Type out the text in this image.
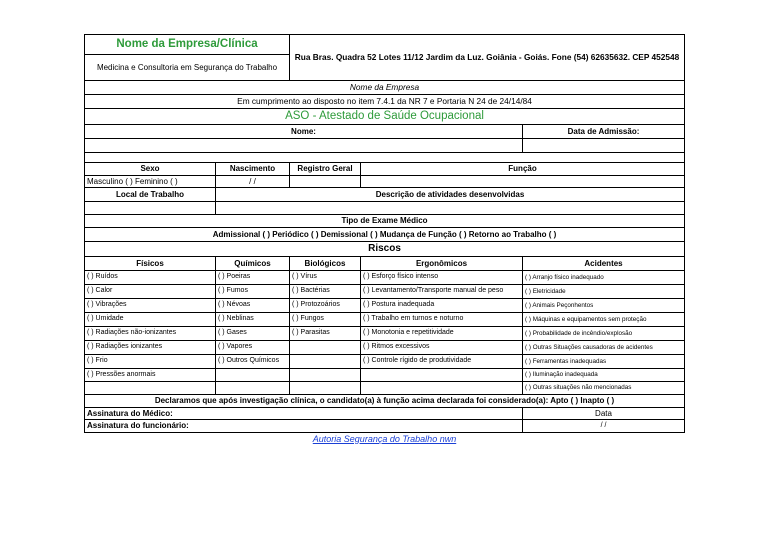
Nome da Empresa/Clínica		Rua Bras. Quadra 52 Lotes 11/12 Jardim da Luz. Goiânia - Goiás. Fone (54) 62635632. CEP 452548		
Medicina e Consultoria em Segurança do Trabalho				
Nome da Empresa				
Em cumprimento ao disposto no item 7.4.1 da NR 7 e Portaria N 24 de 24/14/84				
ASO - Atestado de Saúde Ocupacional				
Nome:				Data de Admissão:

Sexo	Nascimento	Registro Geral	Função	
Masculino ( ) Feminino ( )	/ /			
Local de Trabalho	Descrição de atividades desenvolvidas			

Tipo de Exame Médico				
Admissional ( ) Periódico ( ) Demissional ( ) Mudança de Função ( ) Retorno ao Trabalho ( )				
Riscos				
Físicos	Químicos	Biológicos	Ergonômicos	Acidentes
( ) Ruídos	( ) Poeiras	( ) Vírus	( ) Esforço físico intenso	( ) Arranjo físico inadequado
( ) Calor	( ) Fumos	( ) Bactérias	( ) Levantamento/Transporte manual de peso	( ) Eletricidade
( ) Vibrações	( ) Névoas	( ) Protozoários	( ) Postura inadequada	( ) Animais Peçonhentos
( ) Umidade	( ) Neblinas	( ) Fungos	( ) Trabalho em turnos e noturno	( ) Máquinas e equipamentos sem proteção
( ) Radiações não-ionizantes	( ) Gases	( ) Parasitas	( ) Monotonia e repetitividade	( ) Probabilidade de incêndio/explosão
( ) Radiações ionizantes	( ) Vapores		( ) Ritmos excessivos	( ) Outras Situações causadoras de acidentes
( ) Frio	( ) Outros Químicos		( ) Controle rígido de produtividade	( ) Ferramentas inadequadas
( ) Pressões anormais				( ) Iluminação inadequada
				( ) Outras situações não mencionadas
Declaramos que após investigação clínica, o candidato(a) à função acima declarada foi considerado(a): Apto ( ) Inapto ( )				
Assinatura do Médico:				Data
Assinatura do funcionário:				/ /
Autoria Segurança do Trabalho nwn				
